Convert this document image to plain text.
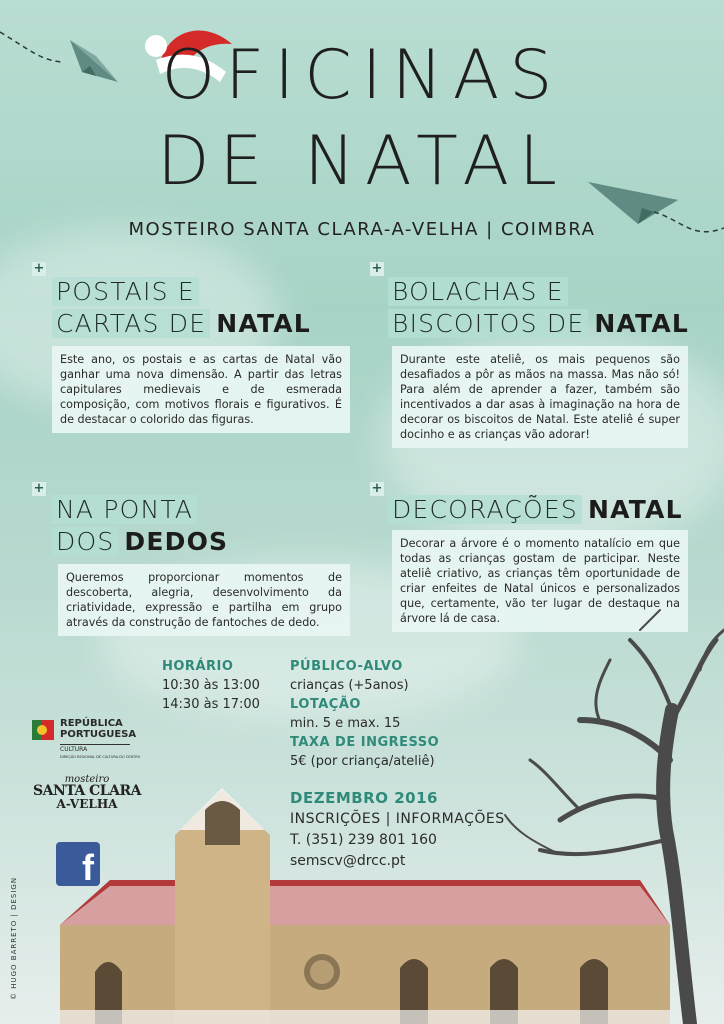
OFICINAS
DE NATAL
MOSTEIRO SANTA CLARA-A-VELHA | COIMBRA
+
POSTAIS E
CARTAS DE NATAL
Este ano, os postais e as cartas de Natal vão ganhar uma nova dimensão. A partir das letras capitulares medievais e de esmerada composição, com motivos florais e figurativos. É de destacar o colorido das figuras.
+
BOLACHAS E
BISCOITOS DE NATAL
Durante este ateliê, os mais pequenos são desafiados a pôr as mãos na massa. Mas não só! Para além de aprender a fazer, também são incentivados a dar asas à imaginação na hora de decorar os biscoitos de Natal. Este ateliê é super docinho e as crianças vão adorar!
+
NA PONTA
DOS DEDOS
Queremos proporcionar momentos de descoberta, alegria, desenvolvimento da criatividade, expressão e partilha em grupo através da construção de fantoches de dedo.
+
DECORAÇÕES NATAL
Decorar a árvore é o momento natalício em que todas as crianças gostam de participar. Neste ateliê criativo, as crianças têm oportunidade de criar enfeites de Natal únicos e personalizados que, certamente, vão ter lugar de destaque na árvore lá de casa.
HORÁRIO
10:30 às 13:00
14:30 às 17:00
PÚBLICO-ALVO
crianças (+5anos)
LOTAÇÃO
min. 5 e max. 15
TAXA DE INGRESSO
5€ (por criança/ateliê)
DEZEMBRO 2016
INSCRIÇÕES | INFORMAÇÕES
T. (351) 239 801 160
semscv@drcc.pt
REPÚBLICA
PORTUGUESA
CULTURA
DIREÇÃO REGIONAL DE CULTURA DO CENTRO
mosteiro
SANTA CLARA
A-VELHA
f
© HUGO BARRETO | DESIGN
